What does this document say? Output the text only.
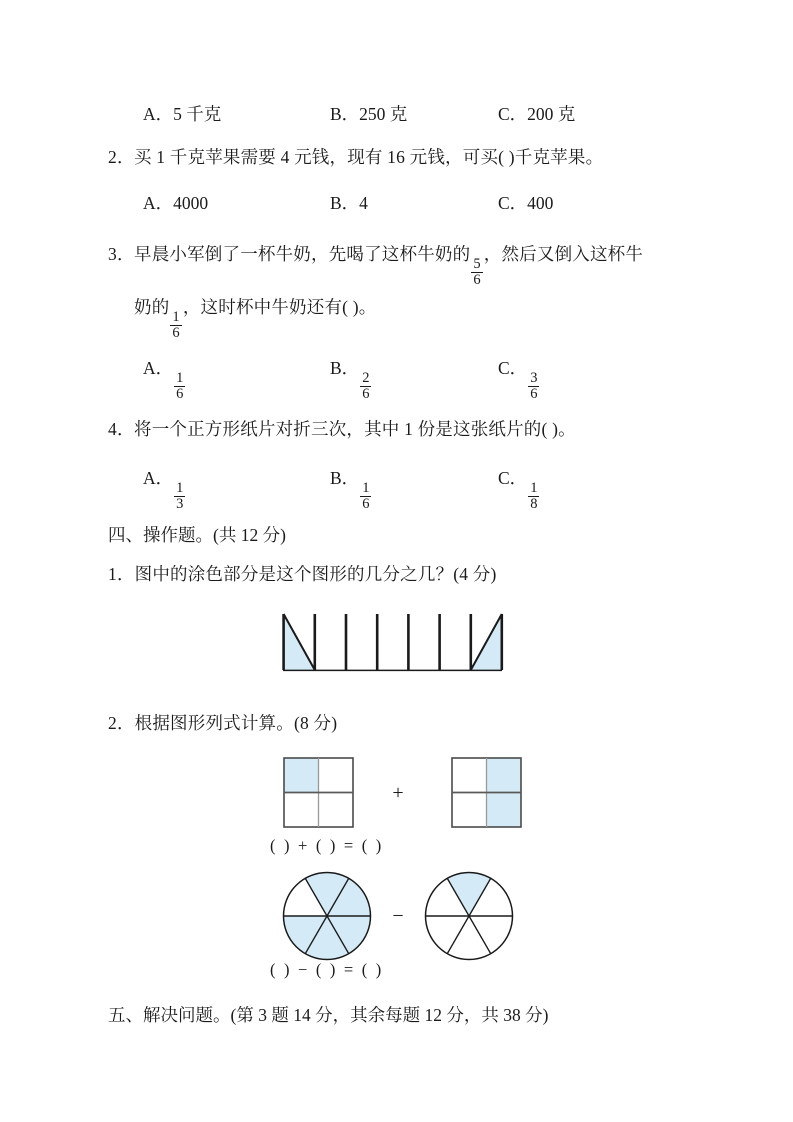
A．5 千克	B．250 克	C．200 克
2．买 1 千克苹果需要 4 元钱，现有 16 元钱，可买( )千克苹果。
A．4000	B．4	C．400
3．早晨小军倒了一杯牛奶，先喝了这杯牛奶的
$\frac{5}{6}$
，然后又倒入这杯牛
奶的
$\frac{1}{6}$
，这时杯中牛奶还有( )。
A．
$\frac{1}{6}$
B．
$\frac{2}{6}$
C．
$\frac{3}{6}$
4．将一个正方形纸片对折三次，其中 1 份是这张纸片的( )。
A．
$\frac{1}{3}$
B．
$\frac{1}{6}$
C．
$\frac{1}{8}$
四、操作题。(共 12 分)
1．图中的涂色部分是这个图形的几分之几？(4 分)
2．根据图形列式计算。(8 分)
+
( ) + ( ) = ( )
−
( ) − ( ) = ( )
五、解决问题。(第 3 题 14 分，其余每题 12 分，共 38 分)
